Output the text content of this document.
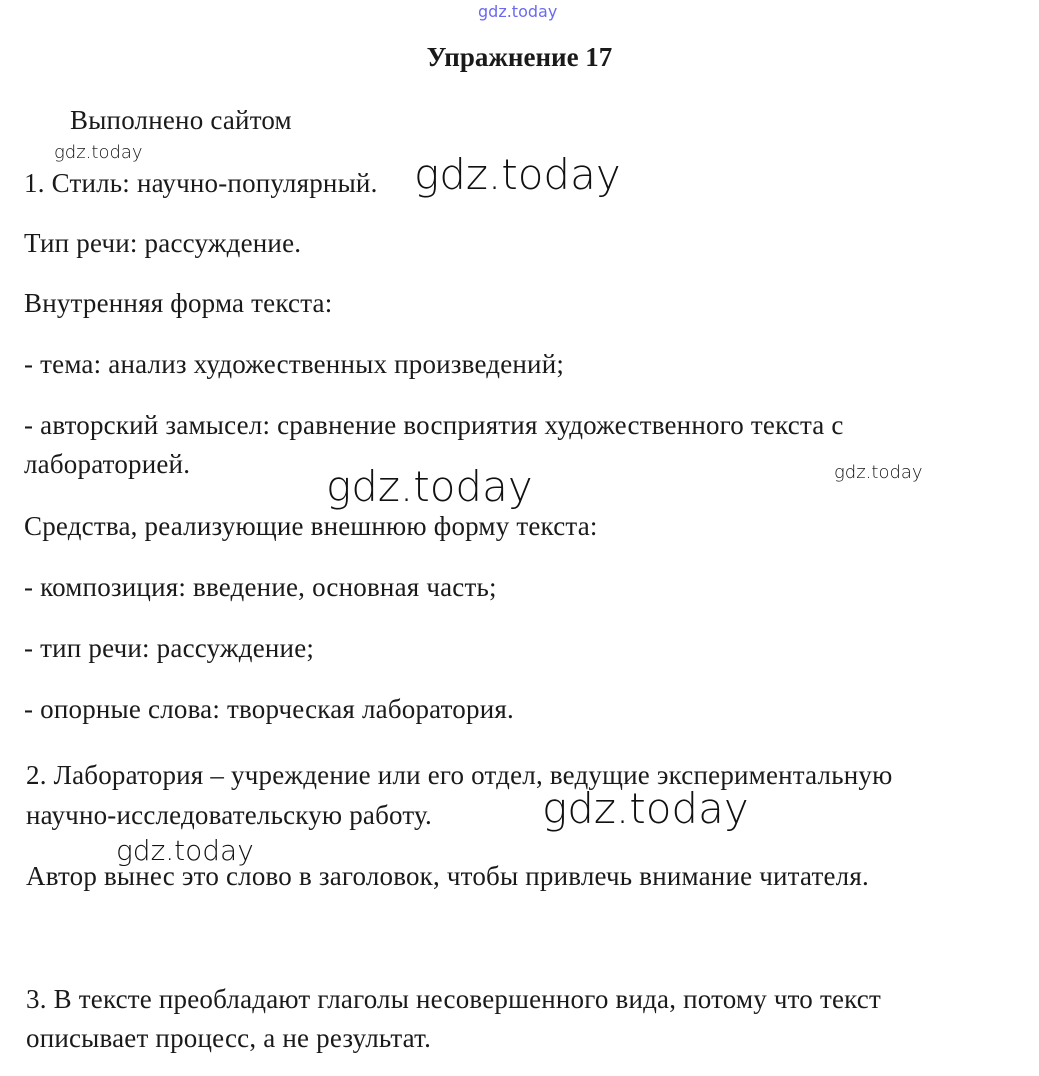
gdz.today
Упражнение 17
Выполнено сайтом
gdz.today
1. Стиль: научно-популярный. gdz.today
Тип речи: рассуждение.
Внутренняя форма текста:
- тема: анализ художественных произведений;
- авторский замысел: сравнение восприятия художественного текста с
лабораторией.	gdz.today
gdz.today
Средства, реализующие внешнюю форму текста:
- композиция: введение, основная часть;
- тип речи: рассуждение;
- опорные слова: творческая лаборатория.
2. Лаборатория – учреждение или его отдел, ведущие экспериментальную
научно-исследовательскую работу.	gdz.today
gdz.today
Автор вынес это слово в заголовок, чтобы привлечь внимание читателя.
3. В тексте преобладают глаголы несовершенного вида, потому что текст
описывает процесс, а не результат.
